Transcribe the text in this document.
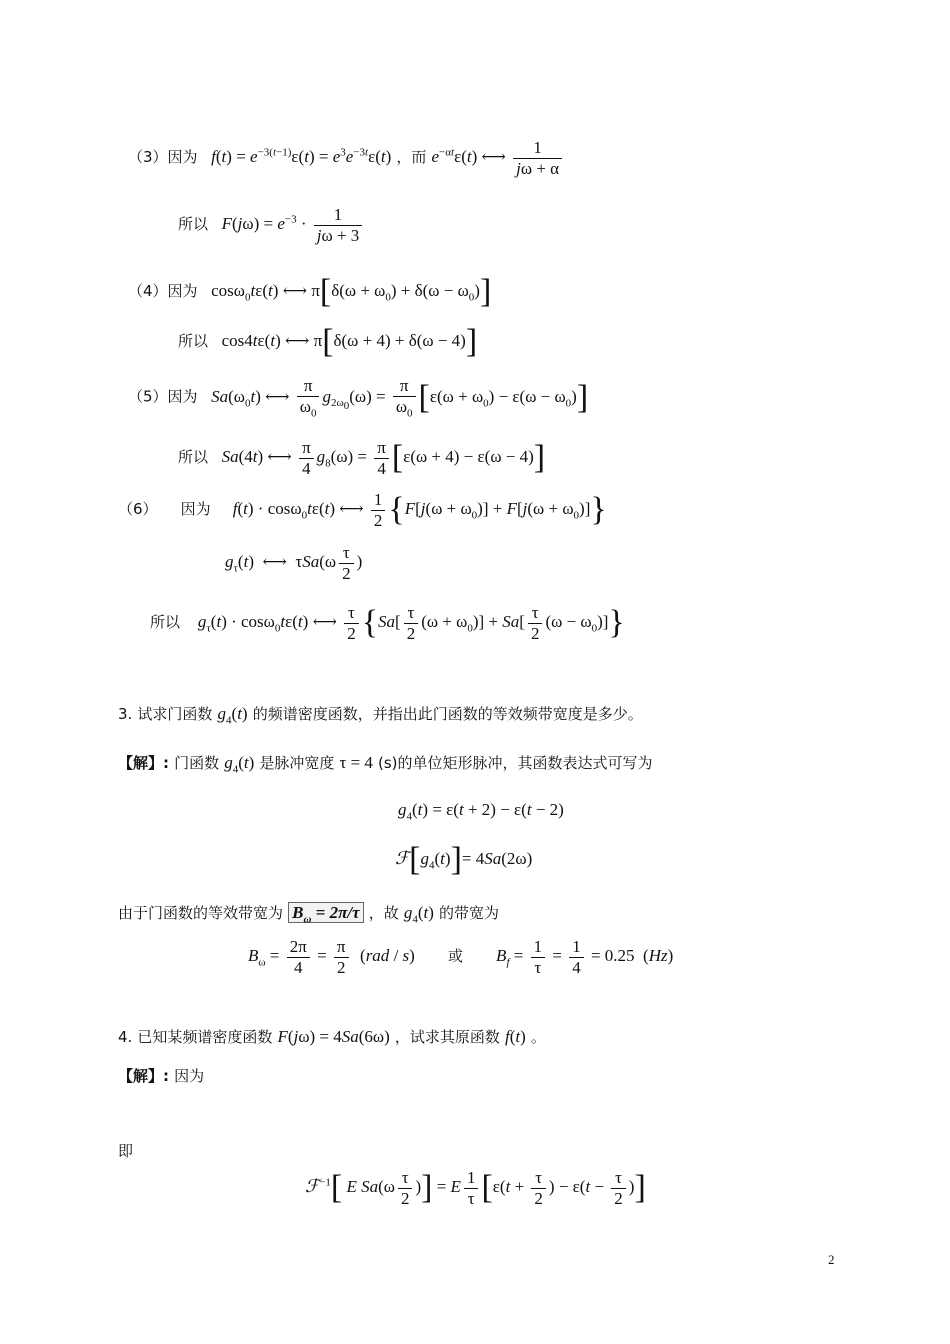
（3）因为 $f(t) = e^{-3(t-1)}\varepsilon(t) = e^3e^{-3t}\varepsilon(t)$ ，而 $e^{-\alpha t}\varepsilon(t)$ ⟷ $\frac{1}{j\omega + \alpha}$
所以 $F(j\omega) = e^{-3} \cdot \frac{1}{j\omega + 3}$
（4）因为   cosω$_0$tε(t) ⟷ $\pi[\delta(\omega + \omega_0) + \delta(\omega - \omega_0)]$
所以   cos4tε(t) ⟷ π[δ(ω + 4) + δ(ω − 4)]
（5）因为 $Sa(\omega_0t)$ ⟷ $\frac{\pi}{\omega_0} g_{2\omega_0}(\omega) = \frac{\pi}{\omega_0} [\varepsilon(\omega + \omega_0) - \varepsilon(\omega - \omega_0)]$
所以 Sa(4t) ⟷ $\frac{\pi}{4} g_8(\omega) = \frac{\pi}{4} [\varepsilon(\omega + 4) - \varepsilon(\omega - 4)]$
（6） 因为 f(t) · cosω$_0$tε(t) ⟷ $\frac{1}{2} \{F[j(\omega + \omega_0)] + F[j(\omega + \omega_0)]\}$
$g_\tau(t)$  ⟷  $\tau Sa(\omega \frac{\tau}{2}$ )
所以 $g_\tau(t) \cdot \cos\omega_0t\varepsilon(t)$ ⟷ $\frac{\tau}{2} \{Sa[ \frac{\tau}{2} (\omega + \omega_0)] + Sa[ \frac{\tau}{2} (\omega - \omega_0)]\}$
3. 试求门函数 $g_4(t)$ 的频谱密度函数，并指出此门函数的等效频带宽度是多少。
【解】: 门函数 $g_4(t)$ 是脉冲宽度 τ = 4 (s)的单位矩形脉冲，其函数表达式可写为
$g_4(t) = \varepsilon(t + 2) - \varepsilon(t - 2)$
$ℱ[g_4(t)]= 4Sa(2\omega)$
由于门函数的等效带宽为 $B_\omega = 2\pi/\tau$ ，故 $g_4(t)$ 的带宽为
$B_\omega = \frac{2\pi}{4} = \frac{\pi}{2} (rad / s)$ 或 $B_f = \frac{1}{\tau} = \frac{1}{4} = 0.25$  (Hz)
4. 已知某频谱密度函数 F(jω) = 4Sa(6ω) ，试求其原函数 f(t) 。
【解】: 因为
即
ℱ$^{-1}$[ E $Sa(\omega \frac{\tau}{2}$ )] = E $\frac{1}{\tau} [\varepsilon(t + \frac{\tau}{2}$ ) − $\varepsilon(t - \frac{\tau}{2}$ )]
2
